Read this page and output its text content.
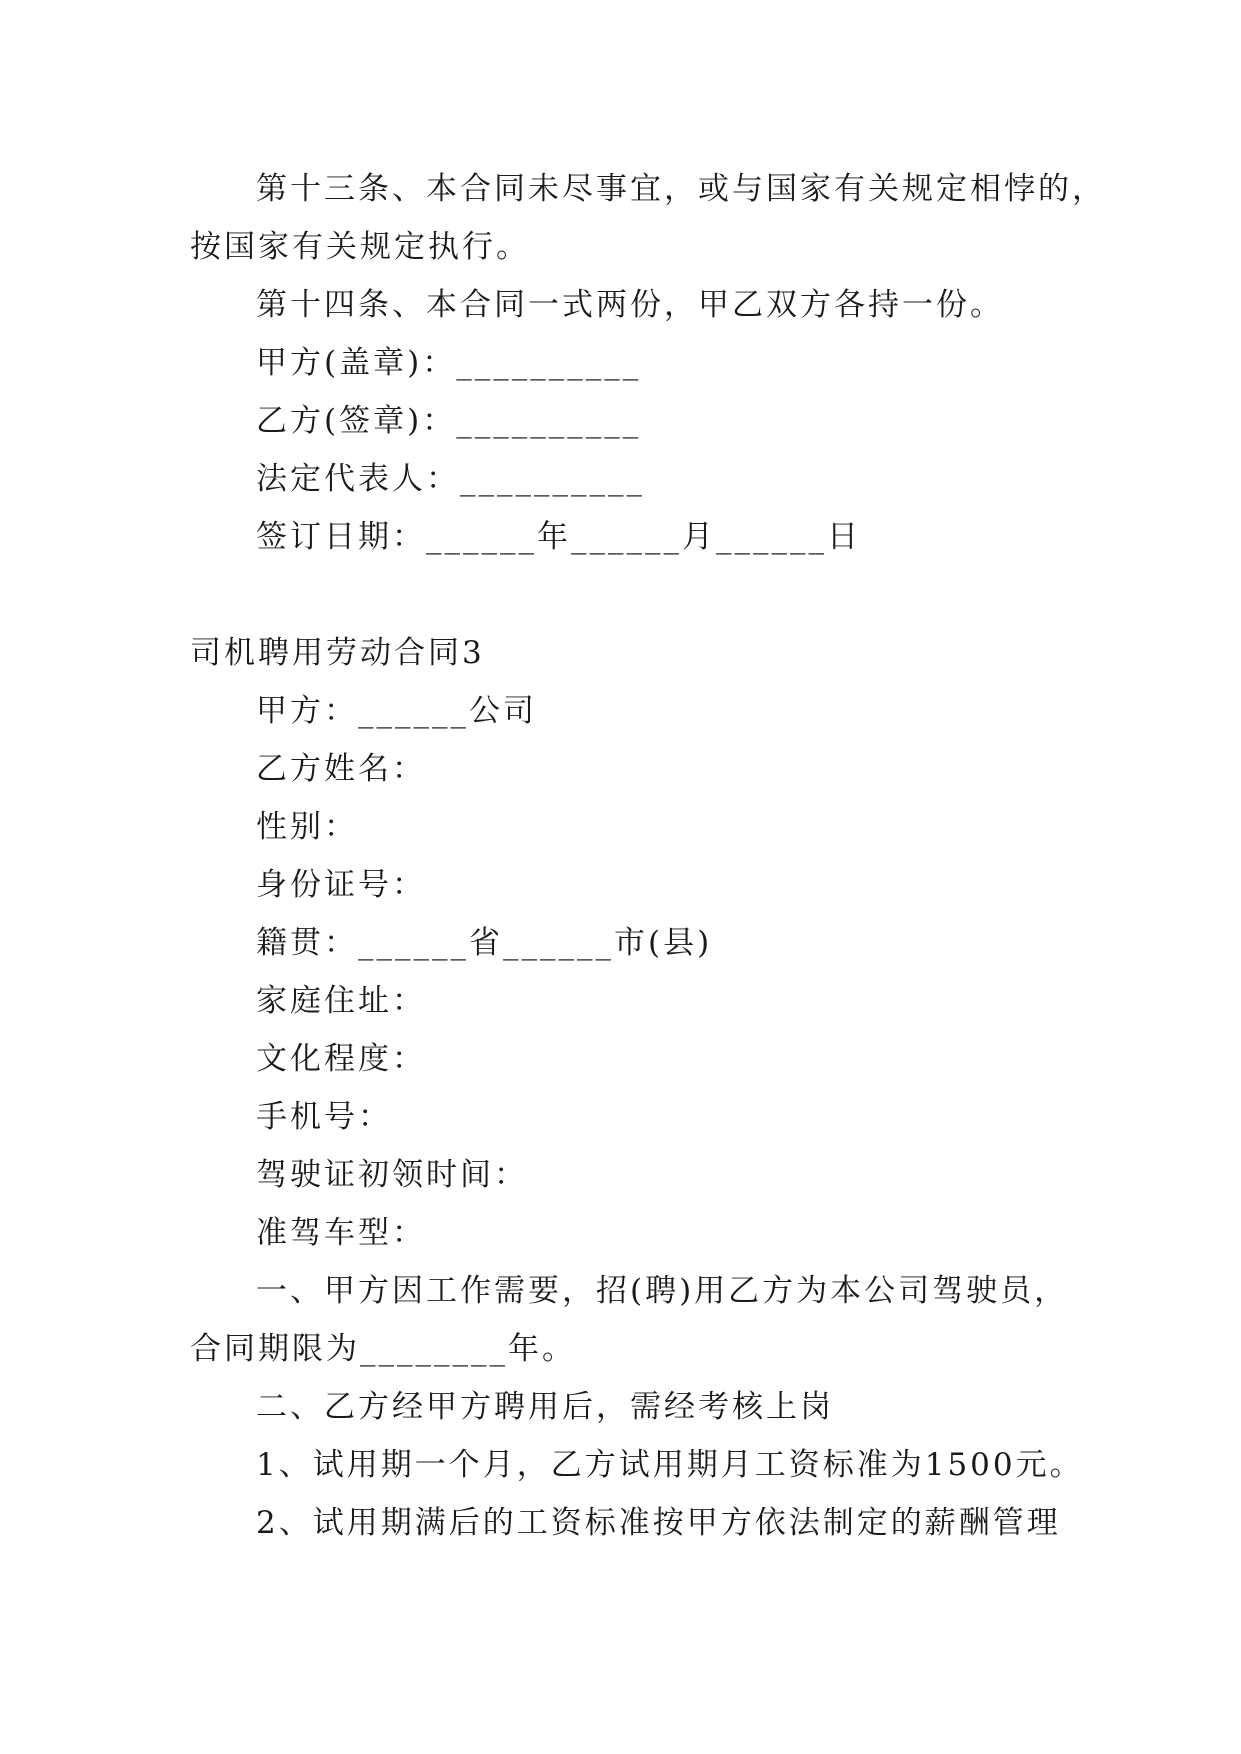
第十三条、本合同未尽事宜，或与国家有关规定相悖的，

按国家有关规定执行。

第十四条、本合同一式两份，甲乙双方各持一份。

甲方(盖章)：__________

乙方(签章)：__________

法定代表人：__________

签订日期：______年______月______日

司机聘用劳动合同3

甲方：______公司

乙方姓名：

性别：

身份证号：

籍贯：______省______市(县)

家庭住址：

文化程度：

手机号：

驾驶证初领时间：

准驾车型：

一、甲方因工作需要，招(聘)用乙方为本公司驾驶员，

合同期限为________年。

二、乙方经甲方聘用后，需经考核上岗

1、试用期一个月，乙方试用期月工资标准为1500元。

2、试用期满后的工资标准按甲方依法制定的薪酬管理
